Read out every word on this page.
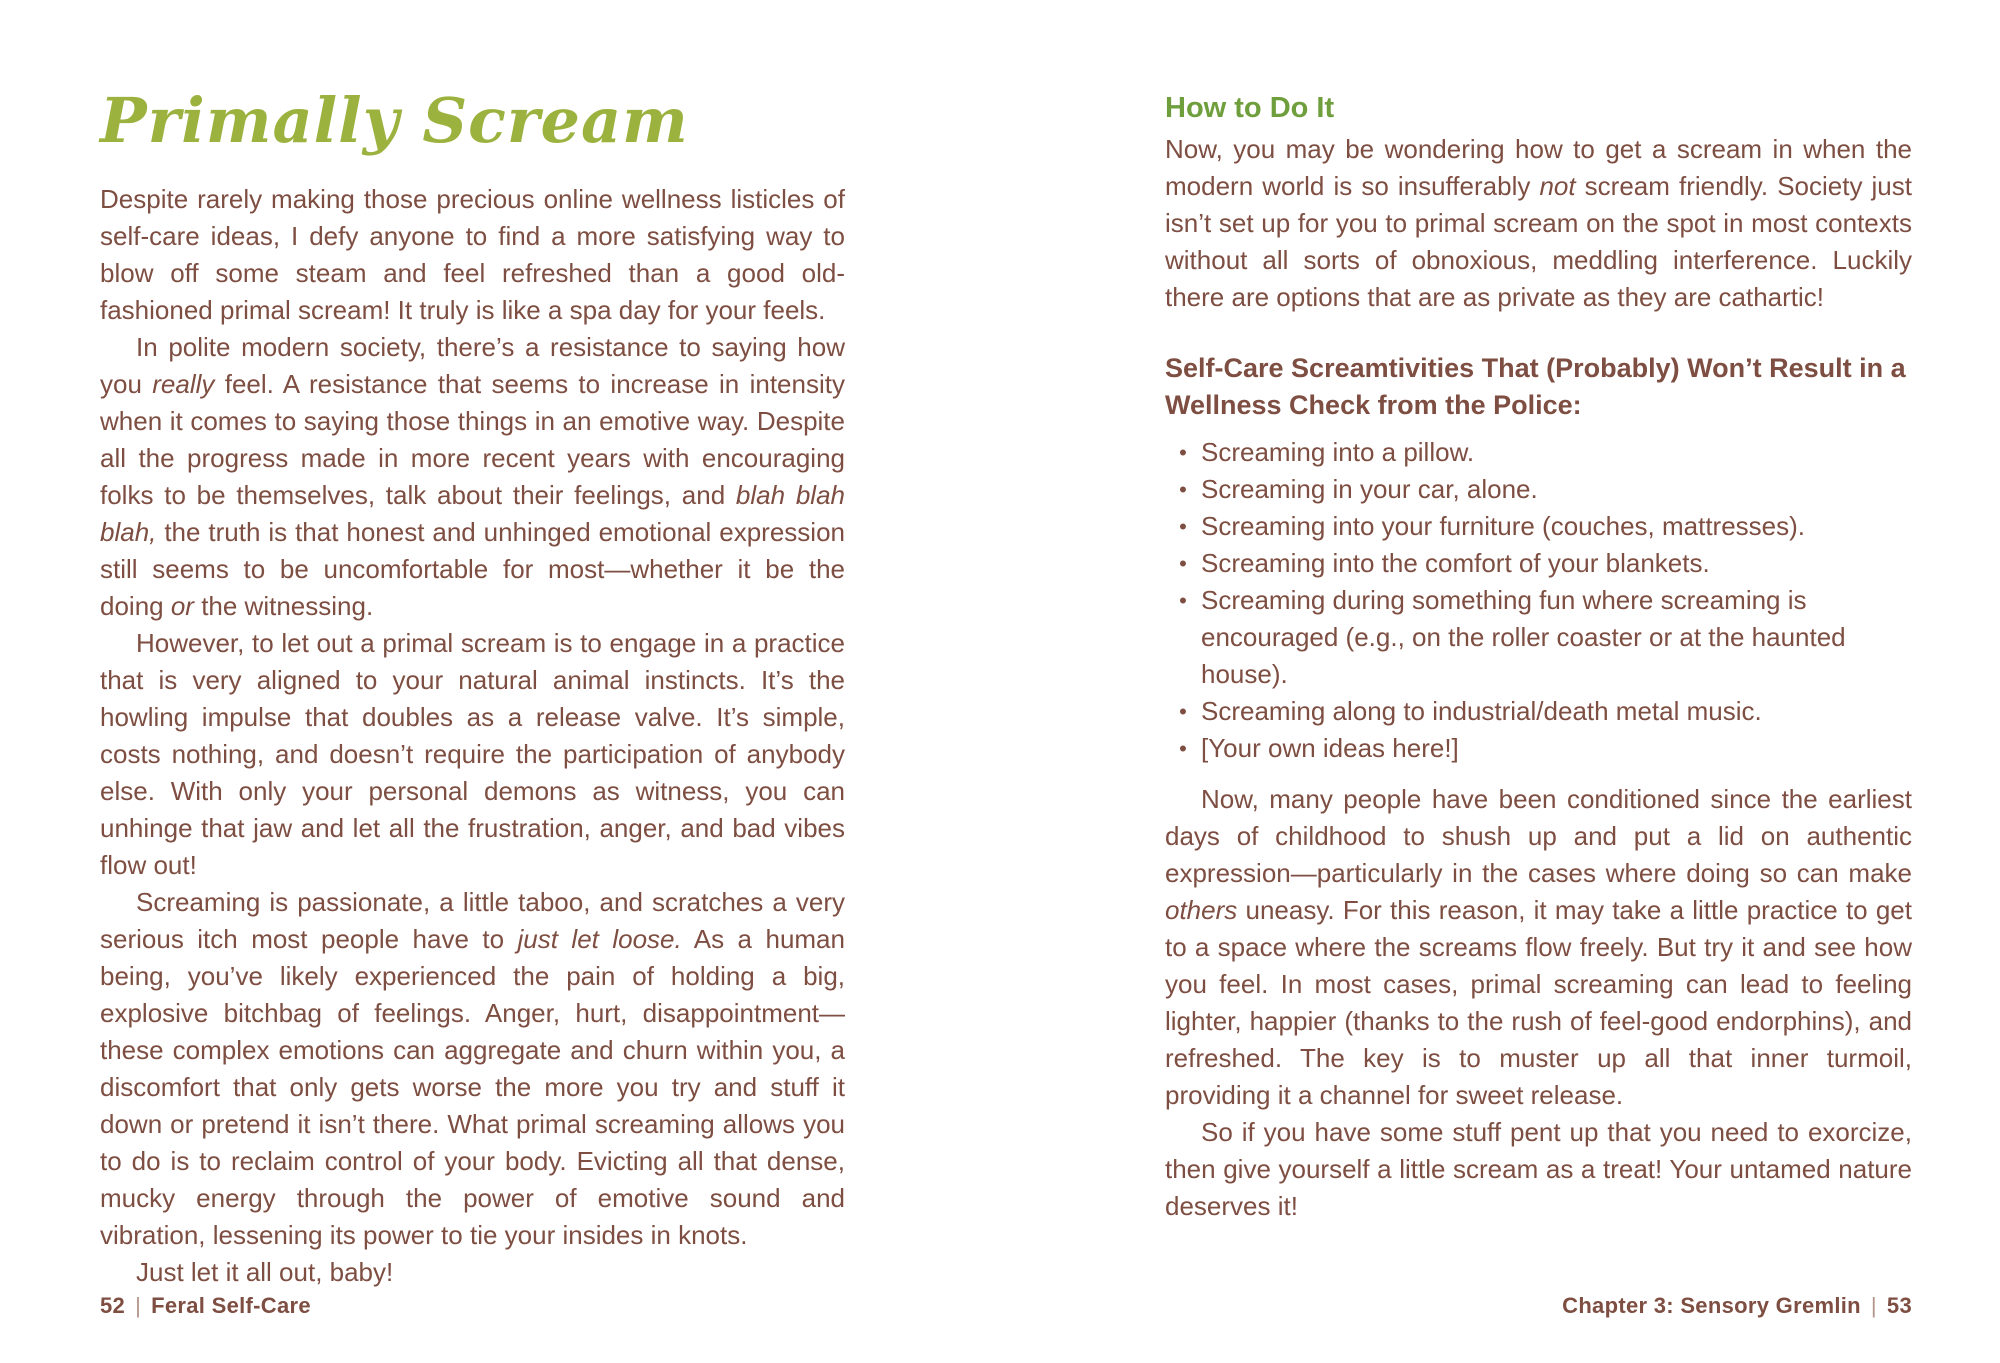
Primally Scream

Despite rarely making those precious online wellness listicles of self-care ideas, I defy anyone to find a more satisfying way to blow off some steam and feel refreshed than a good old-fashioned primal scream! It truly is like a spa day for your feels.

In polite modern society, there’s a resistance to saying how you really feel. A resistance that seems to increase in intensity when it comes to saying those things in an emotive way. Despite all the progress made in more recent years with encouraging folks to be themselves, talk about their feelings, and blah blah blah, the truth is that honest and unhinged emotional expression still seems to be uncomfortable for most—whether it be the doing or the witnessing.

However, to let out a primal scream is to engage in a practice that is very aligned to your natural animal instincts. It’s the howling impulse that doubles as a release valve. It’s simple, costs nothing, and doesn’t require the participation of anybody else. With only your personal demons as witness, you can unhinge that jaw and let all the frustration, anger, and bad vibes flow out!

Screaming is passionate, a little taboo, and scratches a very serious itch most people have to just let loose. As a human being, you’ve likely experienced the pain of holding a big, explosive bitchbag of feelings. Anger, hurt, disappointment—these complex emotions can aggregate and churn within you, a discomfort that only gets worse the more you try and stuff it down or pretend it isn’t there. What primal screaming allows you to do is to reclaim control of your body. Evicting all that dense, mucky energy through the power of emotive sound and vibration, lessening its power to tie your insides in knots.

Just let it all out, baby!

52 | Feral Self-Care
How to Do It

Now, you may be wondering how to get a scream in when the modern world is so insufferably not scream friendly. Society just isn’t set up for you to primal scream on the spot in most contexts without all sorts of obnoxious, meddling interference. Luckily there are options that are as private as they are cathartic!

Self-Care Screamtivities That (Probably) Won’t Result in a Wellness Check from the Police:

• Screaming into a pillow.
• Screaming in your car, alone.
• Screaming into your furniture (couches, mattresses).
• Screaming into the comfort of your blankets.
• Screaming during something fun where screaming is encouraged (e.g., on the roller coaster or at the haunted house).
• Screaming along to industrial/death metal music.
• [Your own ideas here!]

Now, many people have been conditioned since the earliest days of childhood to shush up and put a lid on authentic expression—particularly in the cases where doing so can make others uneasy. For this reason, it may take a little practice to get to a space where the screams flow freely. But try it and see how you feel. In most cases, primal screaming can lead to feeling lighter, happier (thanks to the rush of feel-good endorphins), and refreshed. The key is to muster up all that inner turmoil, providing it a channel for sweet release.

So if you have some stuff pent up that you need to exorcize, then give yourself a little scream as a treat! Your untamed nature deserves it!

Chapter 3: Sensory Gremlin | 53
